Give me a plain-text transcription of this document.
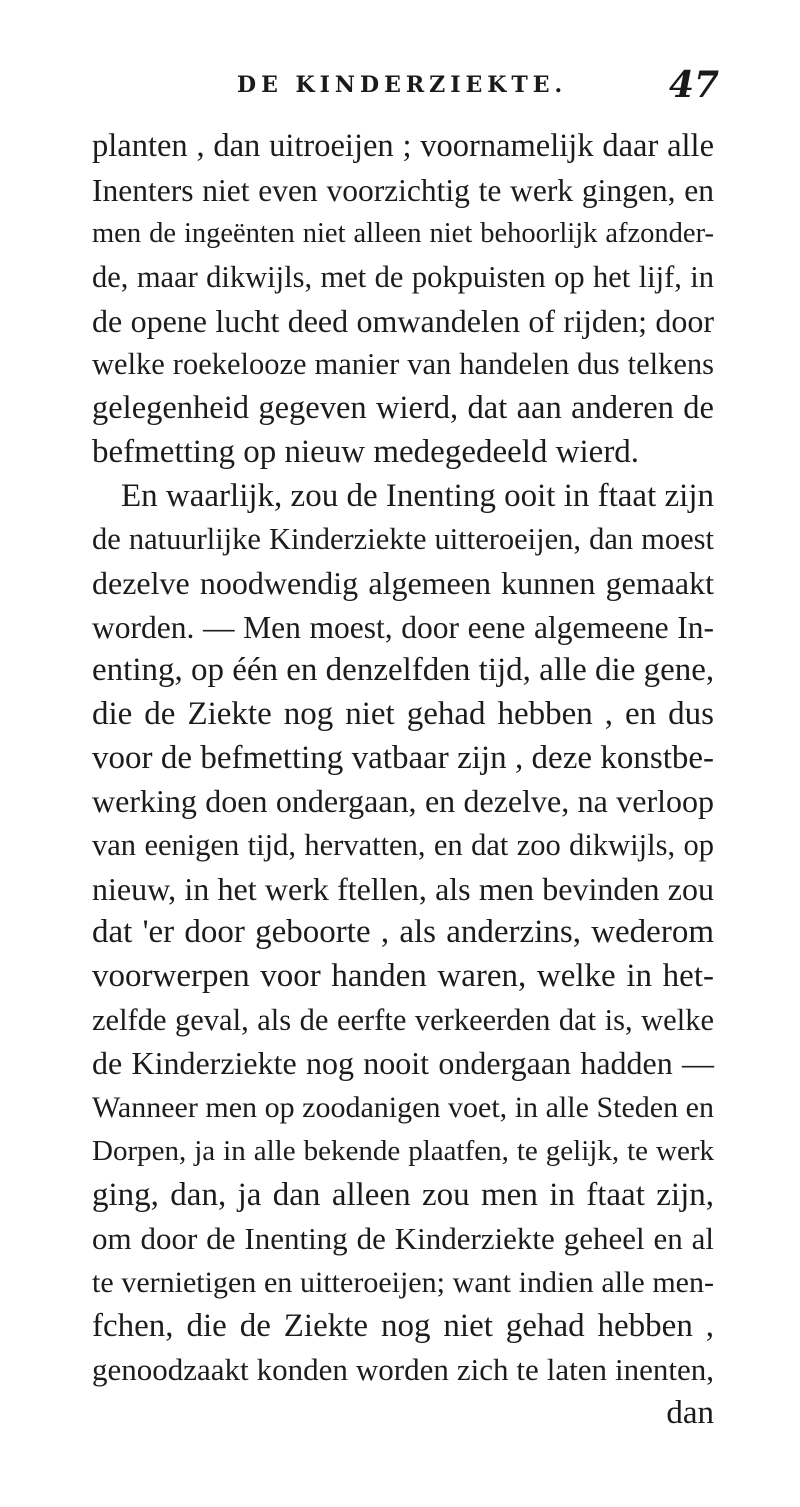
DE KINDERZIEKTE.	47
planten , dan uitroeijen ; voornamelijk daar alle
Inenters niet even voorzichtig te werk gingen, en
men de ingeënten niet alleen niet behoorlijk afzonder-
de, maar dikwijls, met de pokpuisten op het lijf, in
de opene lucht deed omwandelen of rijden; door
welke roekelooze manier van handelen dus telkens
gelegenheid gegeven wierd, dat aan anderen de
befmetting op nieuw medegedeeld wierd.
En waarlijk, zou de Inenting ooit in ftaat zijn
de natuurlijke Kinderziekte uitteroeijen, dan moest
dezelve noodwendig algemeen kunnen gemaakt
worden. — Men moest, door eene algemeene In-
enting, op één en denzelfden tijd, alle die gene,
die de Ziekte nog niet gehad hebben , en dus
voor de befmetting vatbaar zijn , deze konstbe-
werking doen ondergaan, en dezelve, na verloop
van eenigen tijd, hervatten, en dat zoo dikwijls, op
nieuw, in het werk ftellen, als men bevinden zou
dat 'er door geboorte , als anderzins, wederom
voorwerpen voor handen waren, welke in het-
zelfde geval, als de eerfte verkeerden dat is, welke
de Kinderziekte nog nooit ondergaan hadden —
Wanneer men op zoodanigen voet, in alle Steden en
Dorpen, ja in alle bekende plaatfen, te gelijk, te werk
ging, dan, ja dan alleen zou men in ftaat zijn,
om door de Inenting de Kinderziekte geheel en al
te vernietigen en uitteroeijen; want indien alle men-
fchen, die de Ziekte nog niet gehad hebben ,
genoodzaakt konden worden zich te laten inenten,
dan
